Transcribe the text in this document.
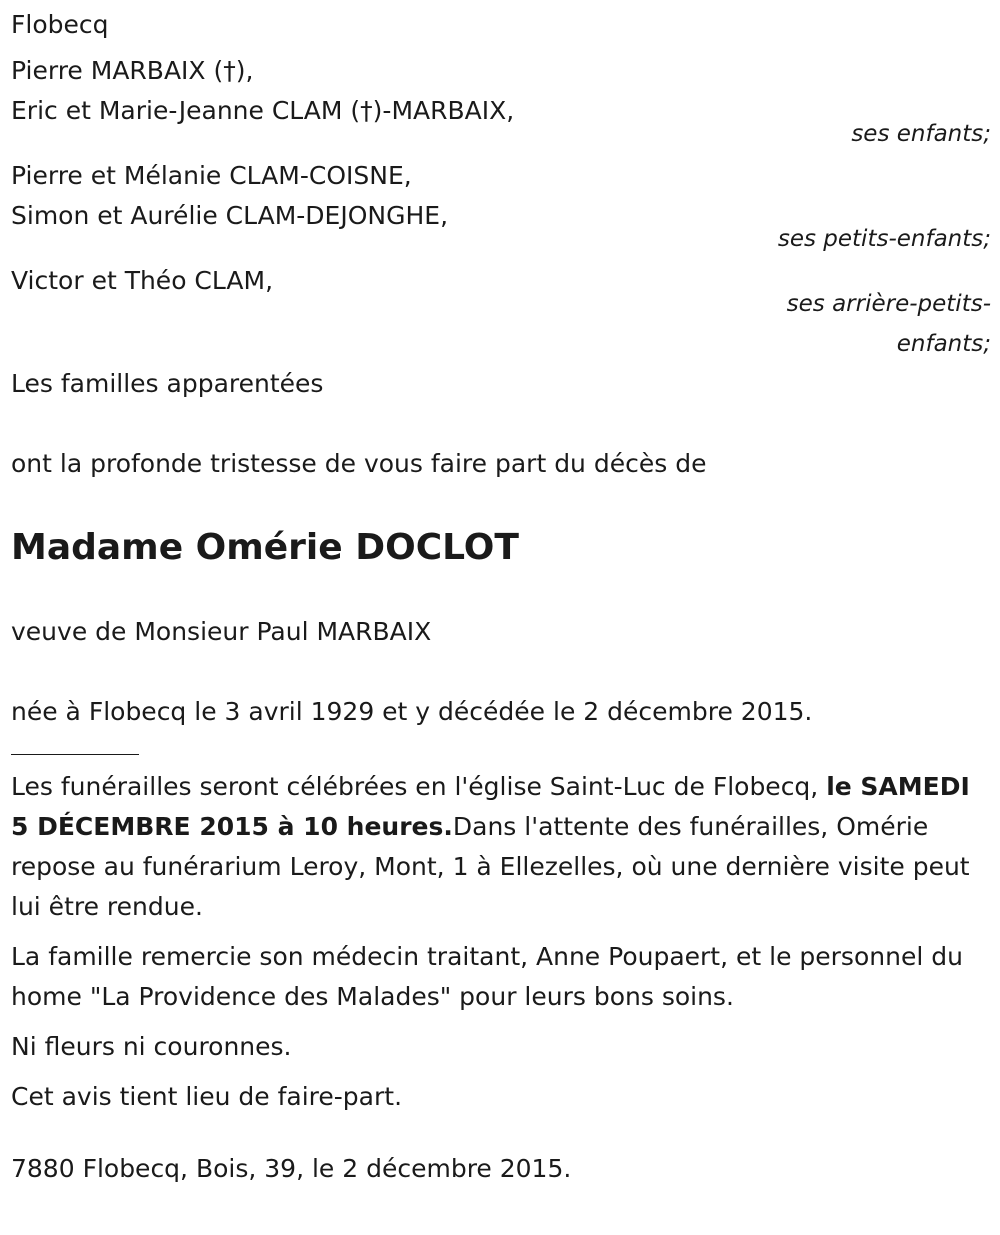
Flobecq
Pierre MARBAIX (†),
Eric et Marie-Jeanne CLAM (†)-MARBAIX,
ses enfants;
Pierre et Mélanie CLAM-COISNE,
Simon et Aurélie CLAM-DEJONGHE,
ses petits-enfants;
Victor et Théo CLAM,
ses arrière-petits-
enfants;
Les familles apparentées
ont la profonde tristesse de vous faire part du décès de
Madame Omérie DOCLOT
veuve de Monsieur Paul MARBAIX
née à Flobecq le 3 avril 1929 et y décédée le 2 décembre 2015.
Les funérailles seront célébrées en l'église Saint-Luc de Flobecq, le SAMEDI 5 DÉCEMBRE 2015 à 10 heures.Dans l'attente des funérailles, Omérie repose au funérarium Leroy, Mont, 1 à Ellezelles, où une dernière visite peut lui être rendue.
La famille remercie son médecin traitant, Anne Poupaert, et le personnel du home "La Providence des Malades" pour leurs bons soins.
Ni fleurs ni couronnes.
Cet avis tient lieu de faire-part.
7880 Flobecq, Bois, 39, le 2 décembre 2015.
